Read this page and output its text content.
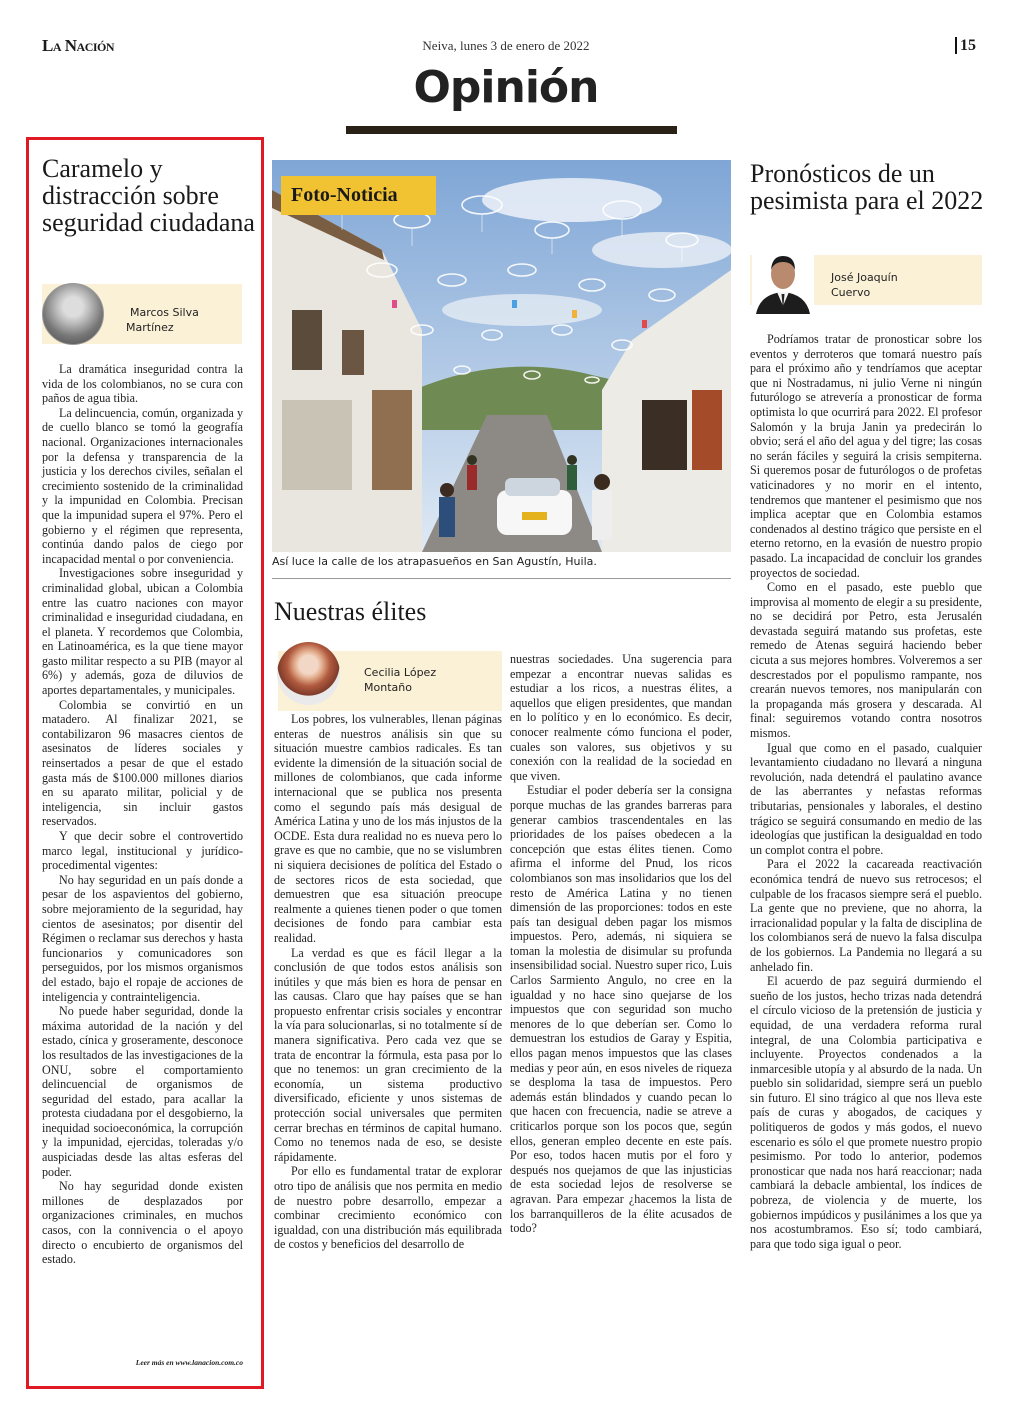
La Nación	Neiva, lunes 3 de enero de 2022	15
Opinión
Caramelo y distracción sobre seguridad ciudadana
Marcos Silva
Martínez

La dramática inseguridad contra la vida de los colombianos, no se cura con paños de agua tibia.

La delincuencia, común, organizada y de cuello blanco se tomó la geografía nacional. Organizaciones internacionales por la defensa y transparencia de la justicia y los derechos civiles, señalan el crecimiento sostenido de la criminalidad y la impunidad en Colombia. Precisan que la impunidad supera el 97%. Pero el gobierno y el régimen que representa, continúa dando palos de ciego por incapacidad mental o por conveniencia.

Investigaciones sobre inseguridad y criminalidad global, ubican a Colombia entre las cuatro naciones con mayor criminalidad e inseguridad ciudadana, en el planeta. Y recordemos que Colombia, en Latinoamérica, es la que tiene mayor gasto militar respecto a su PIB (mayor al 6%) y además, goza de diluvios de aportes departamentales, y municipales.

Colombia se convirtió en un matadero. Al finalizar 2021, se contabilizaron 96 masacres cientos de asesinatos de líderes sociales y reinsertados a pesar de que el estado gasta más de $100.000 millones diarios en su aparato militar, policial y de inteligencia, sin incluir gastos reservados.

Y que decir sobre el controvertido marco legal, institucional y jurídico-procedimental vigentes:

No hay seguridad en un país donde a pesar de los aspavientos del gobierno, sobre mejoramiento de la seguridad, hay cientos de asesinatos; por disentir del Régimen o reclamar sus derechos y hasta funcionarios y comunicadores son perseguidos, por los mismos organismos del estado, bajo el ropaje de acciones de inteligencia y contrainteligencia.

No puede haber seguridad, donde la máxima autoridad de la nación y del estado, cínica y groseramente, desconoce los resultados de las investigaciones de la ONU, sobre el comportamiento delincuencial de organismos de seguridad del estado, para acallar la protesta ciudadana por el desgobierno, la inequidad socioeconómica, la corrupción y la impunidad, ejercidas, toleradas y/o auspiciadas desde las altas esferas del poder.

No hay seguridad donde existen millones de desplazados por organizaciones criminales, en muchos casos, con la connivencia o el apoyo directo o encubierto de organismos del estado.

Leer más en www.lanacion.com.co
Foto-Noticia
Así luce la calle de los atrapasueños en San Agustín, Huila.
Nuestras élites
Cecilia López
Montaño

Los pobres, los vulnerables, llenan páginas enteras de nuestros análisis sin que su situación muestre cambios radicales. Es tan evidente la dimensión de la situación social de millones de colombianos, que cada informe internacional que se publica nos presenta como el segundo país más desigual de América Latina y uno de los más injustos de la OCDE. Esta dura realidad no es nueva pero lo grave es que no cambie, que no se vislumbren ni siquiera decisiones de política del Estado o de sectores ricos de esta sociedad, que demuestren que esa situación preocupe realmente a quienes tienen poder o que tomen decisiones de fondo para cambiar esta realidad.

La verdad es que es fácil llegar a la conclusión de que todos estos análisis son inútiles y que más bien es hora de pensar en las causas. Claro que hay países que se han propuesto enfrentar crisis sociales y encontrar la vía para solucionarlas, si no totalmente sí de manera significativa. Pero cada vez que se trata de encontrar la fórmula, esta pasa por lo que no tenemos: un gran crecimiento de la economía, un sistema productivo diversificado, eficiente y unos sistemas de protección social universales que permiten cerrar brechas en términos de capital humano. Como no tenemos nada de eso, se desiste rápidamente.

Por ello es fundamental tratar de explorar otro tipo de análisis que nos permita en medio de nuestro pobre desarrollo, empezar a combinar crecimiento económico con igualdad, con una distribución más equilibrada de costos y beneficios del desarrollo de

nuestras sociedades. Una sugerencia para empezar a encontrar nuevas salidas es estudiar a los ricos, a nuestras élites, a aquellos que eligen presidentes, que mandan en lo político y en lo económico. Es decir, conocer realmente cómo funciona el poder, cuales son valores, sus objetivos y su conexión con la realidad de la sociedad en que viven.

Estudiar el poder debería ser la consigna porque muchas de las grandes barreras para generar cambios trascendentales en las prioridades de los países obedecen a la concepción que estas élites tienen. Como afirma el informe del Pnud, los ricos colombianos son mas insolidarios que los del resto de América Latina y no tienen dimensión de las proporciones: todos en este país tan desigual deben pagar los mismos impuestos. Pero, además, ni siquiera se toman la molestia de disimular su profunda insensibilidad social. Nuestro super rico, Luis Carlos Sarmiento Angulo, no cree en la igualdad y no hace sino quejarse de los impuestos que con seguridad son mucho menores de lo que deberían ser. Como lo demuestran los estudios de Garay y Espitia, ellos pagan menos impuestos que las clases medias y peor aún, en esos niveles de riqueza se desploma la tasa de impuestos. Pero además están blindados y cuando pecan lo que hacen con frecuencia, nadie se atreve a criticarlos porque son los pocos que, según ellos, generan empleo decente en este país. Por eso, todos hacen mutis por el foro y después nos quejamos de que las injusticias de esta sociedad lejos de resolverse se agravan. Para empezar ¿hacemos la lista de los barranquilleros de la élite acusados de todo?

Pronósticos de un pesimista para el 2022
José Joaquín
Cuervo

Podríamos tratar de pronosticar sobre los eventos y derroteros que tomará nuestro país para el próximo año y tendríamos que aceptar que ni Nostradamus, ni julio Verne ni ningún futurólogo se atrevería a pronosticar de forma optimista lo que ocurrirá para 2022. El profesor Salomón y la bruja Janin ya predecirán lo obvio; será el año del agua y del tigre; las cosas no serán fáciles y seguirá la crisis sempiterna. Si queremos posar de futurólogos o de profetas vaticinadores y no morir en el intento, tendremos que mantener el pesimismo que nos implica aceptar que en Colombia estamos condenados al destino trágico que persiste en el eterno retorno, en la evasión de nuestro propio pasado. La incapacidad de concluir los grandes proyectos de sociedad.

Como en el pasado, este pueblo que improvisa al momento de elegir a su presidente, no se decidirá por Petro, esta Jerusalén devastada seguirá matando sus profetas, este remedo de Atenas seguirá haciendo beber cicuta a sus mejores hombres. Volveremos a ser descrestados por el populismo rampante, nos crearán nuevos temores, nos manipularán con la propaganda más grosera y descarada. Al final: seguiremos votando contra nosotros mismos.

Igual que como en el pasado, cualquier levantamiento ciudadano no llevará a ninguna revolución, nada detendrá el paulatino avance de las aberrantes y nefastas reformas tributarias, pensionales y laborales, el destino trágico se seguirá consumando en medio de las ideologías que justifican la desigualdad en todo un complot contra el pobre.

Para el 2022 la cacareada reactivación económica tendrá de nuevo sus retrocesos; el culpable de los fracasos siempre será el pueblo. La gente que no previene, que no ahorra, la irracionalidad popular y la falta de disciplina de los colombianos será de nuevo la falsa disculpa de los gobiernos. La Pandemia no llegará a su anhelado fin.

El acuerdo de paz seguirá durmiendo el sueño de los justos, hecho trizas nada detendrá el círculo vicioso de la pretensión de justicia y equidad, de una verdadera reforma rural integral, de una Colombia participativa e incluyente. Proyectos condenados a la inmarcesible utopía y al absurdo de la nada. Un pueblo sin solidaridad, siempre será un pueblo sin futuro. El sino trágico al que nos lleva este país de curas y abogados, de caciques y politiqueros de godos y más godos, el nuevo escenario es sólo el que promete nuestro propio pesimismo. Por todo lo anterior, podemos pronosticar que nada nos hará reaccionar; nada cambiará la debacle ambiental, los índices de pobreza, de violencia y de muerte, los gobiernos impúdicos y pusilánimes a los que ya nos acostumbramos. Eso sí; todo cambiará, para que todo siga igual o peor.
